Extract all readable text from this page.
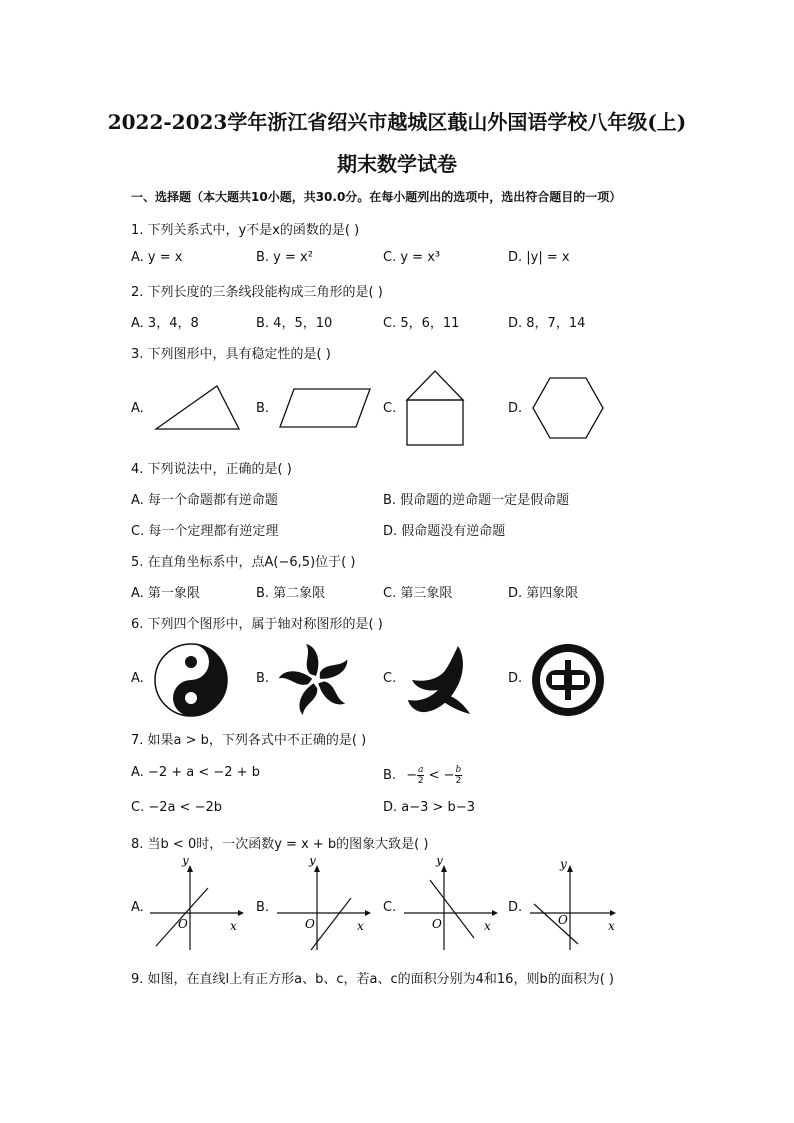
2022-2023学年浙江省绍兴市越城区蕺山外国语学校八年级(上)
期末数学试卷
一、选择题（本大题共10小题，共30.0分。在每小题列出的选项中，选出符合题目的一项）
1. 下列关系式中，y不是x的函数的是( )
A. y = x	B. y = x²	C. y = x³	D. |y| = x
2. 下列长度的三条线段能构成三角形的是( )
A. 3，4，8	B. 4，5，10	C. 5，6，11	D. 8，7，14
3. 下列图形中，具有稳定性的是( )
A.	B.	C.	D.
4. 下列说法中，正确的是( )
A. 每一个命题都有逆命题	B. 假命题的逆命题一定是假命题
C. 每一个定理都有逆定理	D. 假命题没有逆命题
5. 在直角坐标系中，点A(−6,5)位于( )
A. 第一象限	B. 第二象限	C. 第三象限	D. 第四象限
6. 下列四个图形中，属于轴对称图形的是( )
A.	B.	C.	D.
7. 如果a > b，下列各式中不正确的是( )
A. −2 + a < −2 + b	B. − $\frac{a}{2}$ < − $\frac{b}{2}$
C. −2a < −2b	D. a−3 > b−3
8. 当b < 0时，一次函数y = x + b的图象大致是( )
A.	B.	C.	D.
y
x
O
y
x
O
y
x
O
y
x
O
9. 如图，在直线l上有正方形a、b、c，若a、c的面积分别为4和16，则b的面积为( )
